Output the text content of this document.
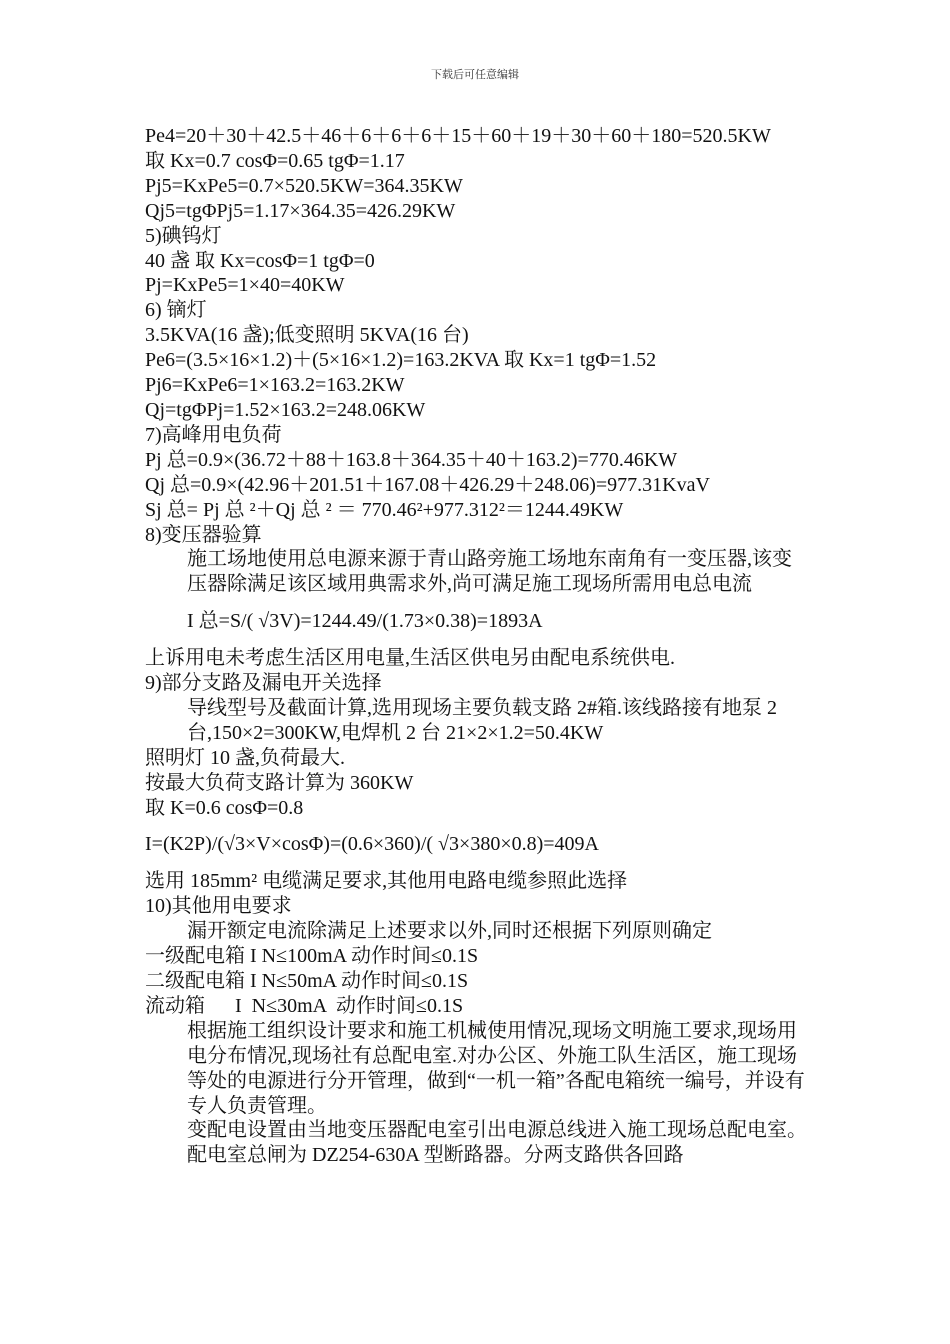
下载后可任意编辑
Pe4=20＋30＋42.5＋46＋6＋6＋6＋15＋60＋19＋30＋60＋180=520.5KW
取 Kx=0.7 cosΦ=0.65 tgΦ=1.17
Pj5=KxPe5=0.7×520.5KW=364.35KW
Qj5=tgΦPj5=1.17×364.35=426.29KW
5)碘钨灯
40 盏 取 Kx=cosΦ=1 tgΦ=0
Pj=KxPe5=1×40=40KW
6) 镝灯
3.5KVA(16 盏);低变照明 5KVA(16 台)
Pe6=(3.5×16×1.2)＋(5×16×1.2)=163.2KVA 取 Kx=1 tgΦ=1.52
Pj6=KxPe6=1×163.2=163.2KW
Qj=tgΦPj=1.52×163.2=248.06KW
7)高峰用电负荷
Pj 总=0.9×(36.72＋88＋163.8＋364.35＋40＋163.2)=770.46KW
Qj 总=0.9×(42.96＋201.51＋167.08＋426.29＋248.06)=977.31KvaV
Sj 总= Pj 总 ²＋Qj 总 ² ＝ 770.46²+977.312²＝1244.49KW
8)变压器验算
施工场地使用总电源来源于青山路旁施工场地东南角有一变压器,该变压器除满足该区域用典需求外,尚可满足施工现场所需用电总电流
I 总=S/( √3V)=1244.49/(1.73×0.38)=1893A
上诉用电未考虑生活区用电量,生活区供电另由配电系统供电.
9)部分支路及漏电开关选择
导线型号及截面计算,选用现场主要负载支路 2#箱.该线路接有地泵 2 台,150×2=300KW,电焊机 2 台 21×2×1.2=50.4KW
照明灯 10 盏,负荷最大.
按最大负荷支路计算为 360KW
取 K=0.6 cosΦ=0.8
I=(K2P)/(√3×V×cosΦ)=(0.6×360)/( √3×380×0.8)=409A
选用 185mm² 电缆满足要求,其他用电路电缆参照此选择
10)其他用电要求
漏开额定电流除满足上述要求以外,同时还根据下列原则确定
一级配电箱 I N≤100mA 动作时间≤0.1S
二级配电箱 I N≤50mA 动作时间≤0.1S
流动箱      I  N≤30mA  动作时间≤0.1S
根据施工组织设计要求和施工机械使用情况,现场文明施工要求,现场用电分布情况,现场社有总配电室.对办公区、外施工队生活区，施工现场等处的电源进行分开管理，做到“一机一箱”各配电箱统一编号，并设有专人负责管理。
变配电设置由当地变压器配电室引出电源总线进入施工现场总配电室。配电室总闸为 DZ254-630A 型断路器。分两支路供各回路
